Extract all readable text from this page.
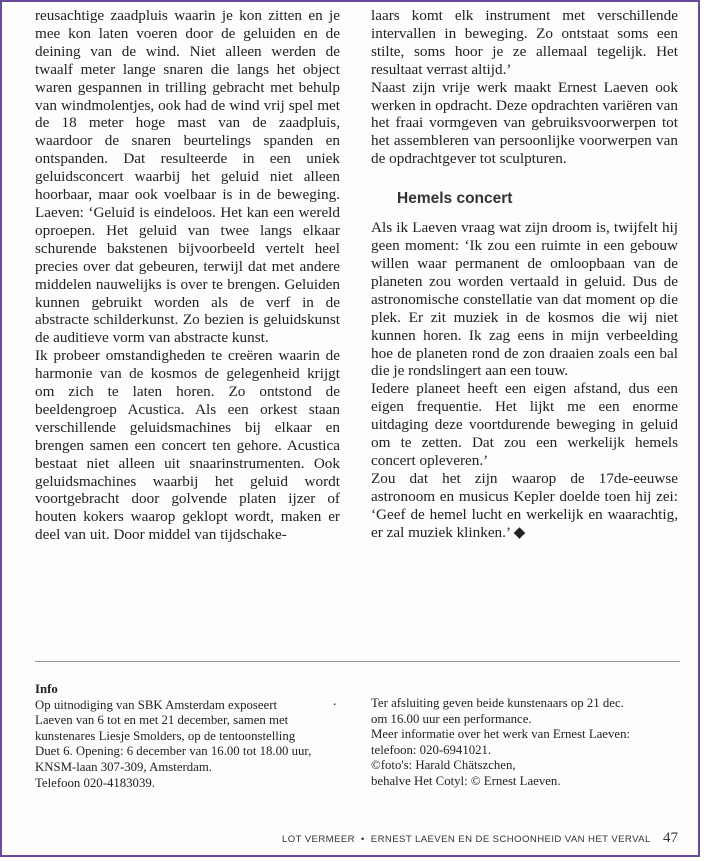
reusachtige zaadpluis waarin je kon zitten en je mee kon laten voeren door de geluiden en de deining van de wind. Niet alleen werden de twaalf meter lange snaren die langs het object waren gespannen in trilling gebracht met behulp van windmolentjes, ook had de wind vrij spel met de 18 meter hoge mast van de zaadpluis, waardoor de snaren beurtelings spanden en ontspanden. Dat resulteerde in een uniek geluidsconcert waarbij het geluid niet alleen hoorbaar, maar ook voelbaar is in de beweging. Laeven: ‘Geluid is eindeloos. Het kan een wereld oproepen. Het geluid van twee langs elkaar schurende bakstenen bijvoorbeeld vertelt heel precies over dat gebeuren, terwijl dat met andere middelen nauwelijks is over te brengen. Geluiden kunnen gebruikt worden als de verf in de abstracte schilderkunst. Zo bezien is geluidskunst de auditieve vorm van abstracte kunst.

Ik probeer omstandigheden te creëren waarin de harmonie van de kosmos de gelegenheid krijgt om zich te laten horen. Zo ontstond de beeldengroep Acustica. Als een orkest staan verschillende geluidsmachines bij elkaar en brengen samen een concert ten gehore. Acustica bestaat niet alleen uit snaarinstrumenten. Ook geluidsmachines waarbij het geluid wordt voortgebracht door golvende platen ijzer of houten kokers waarop geklopt wordt, maken er deel van uit. Door middel van tijdschake-

laars komt elk instrument met verschillende intervallen in beweging. Zo ontstaat soms een stilte, soms hoor je ze allemaal tegelijk. Het resultaat verrast altijd.’

Naast zijn vrije werk maakt Ernest Laeven ook werken in opdracht. Deze opdrachten variëren van het fraai vormgeven van gebruiksvoorwerpen tot het assembleren van persoonlijke voorwerpen van de opdrachtgever tot sculpturen.

Hemels concert

Als ik Laeven vraag wat zijn droom is, twijfelt hij geen moment: ‘Ik zou een ruimte in een gebouw willen waar permanent de omloopbaan van de planeten zou worden vertaald in geluid. Dus de astronomische constellatie van dat moment op die plek. Er zit muziek in de kosmos die wij niet kunnen horen. Ik zag eens in mijn verbeelding hoe de planeten rond de zon draaien zoals een bal die je rondslingert aan een touw.

Iedere planeet heeft een eigen afstand, dus een eigen frequentie. Het lijkt me een enorme uitdaging deze voortdurende beweging in geluid om te zetten. Dat zou een werkelijk hemels concert opleveren.’

Zou dat het zijn waarop de 17de-eeuwse astronoom en musicus Kepler doelde toen hij zei: ‘Geef de hemel lucht en werkelijk en waarachtig, er zal muziek klinken.’ ◆

Info
Op uitnodiging van SBK Amsterdam exposeert
Laeven van 6 tot en met 21 december, samen met
kunstenares Liesje Smolders, op de tentoonstelling
Duet 6. Opening: 6 december van 16.00 tot 18.00 uur,
KNSM-laan 307-309, Amsterdam.
Telefoon 020-4183039.
.	Ter afsluiting geven beide kunstenaars op 21 dec.
om 16.00 uur een performance.
Meer informatie over het werk van Ernest Laeven:
telefoon: 020-6941021.
©foto's: Harald Chätszchen,
behalve Het Cotyl: © Ernest Laeven.
LOT VERMEER • ERNEST LAEVEN EN DE SCHOONHEID VAN HET VERVAL 47
